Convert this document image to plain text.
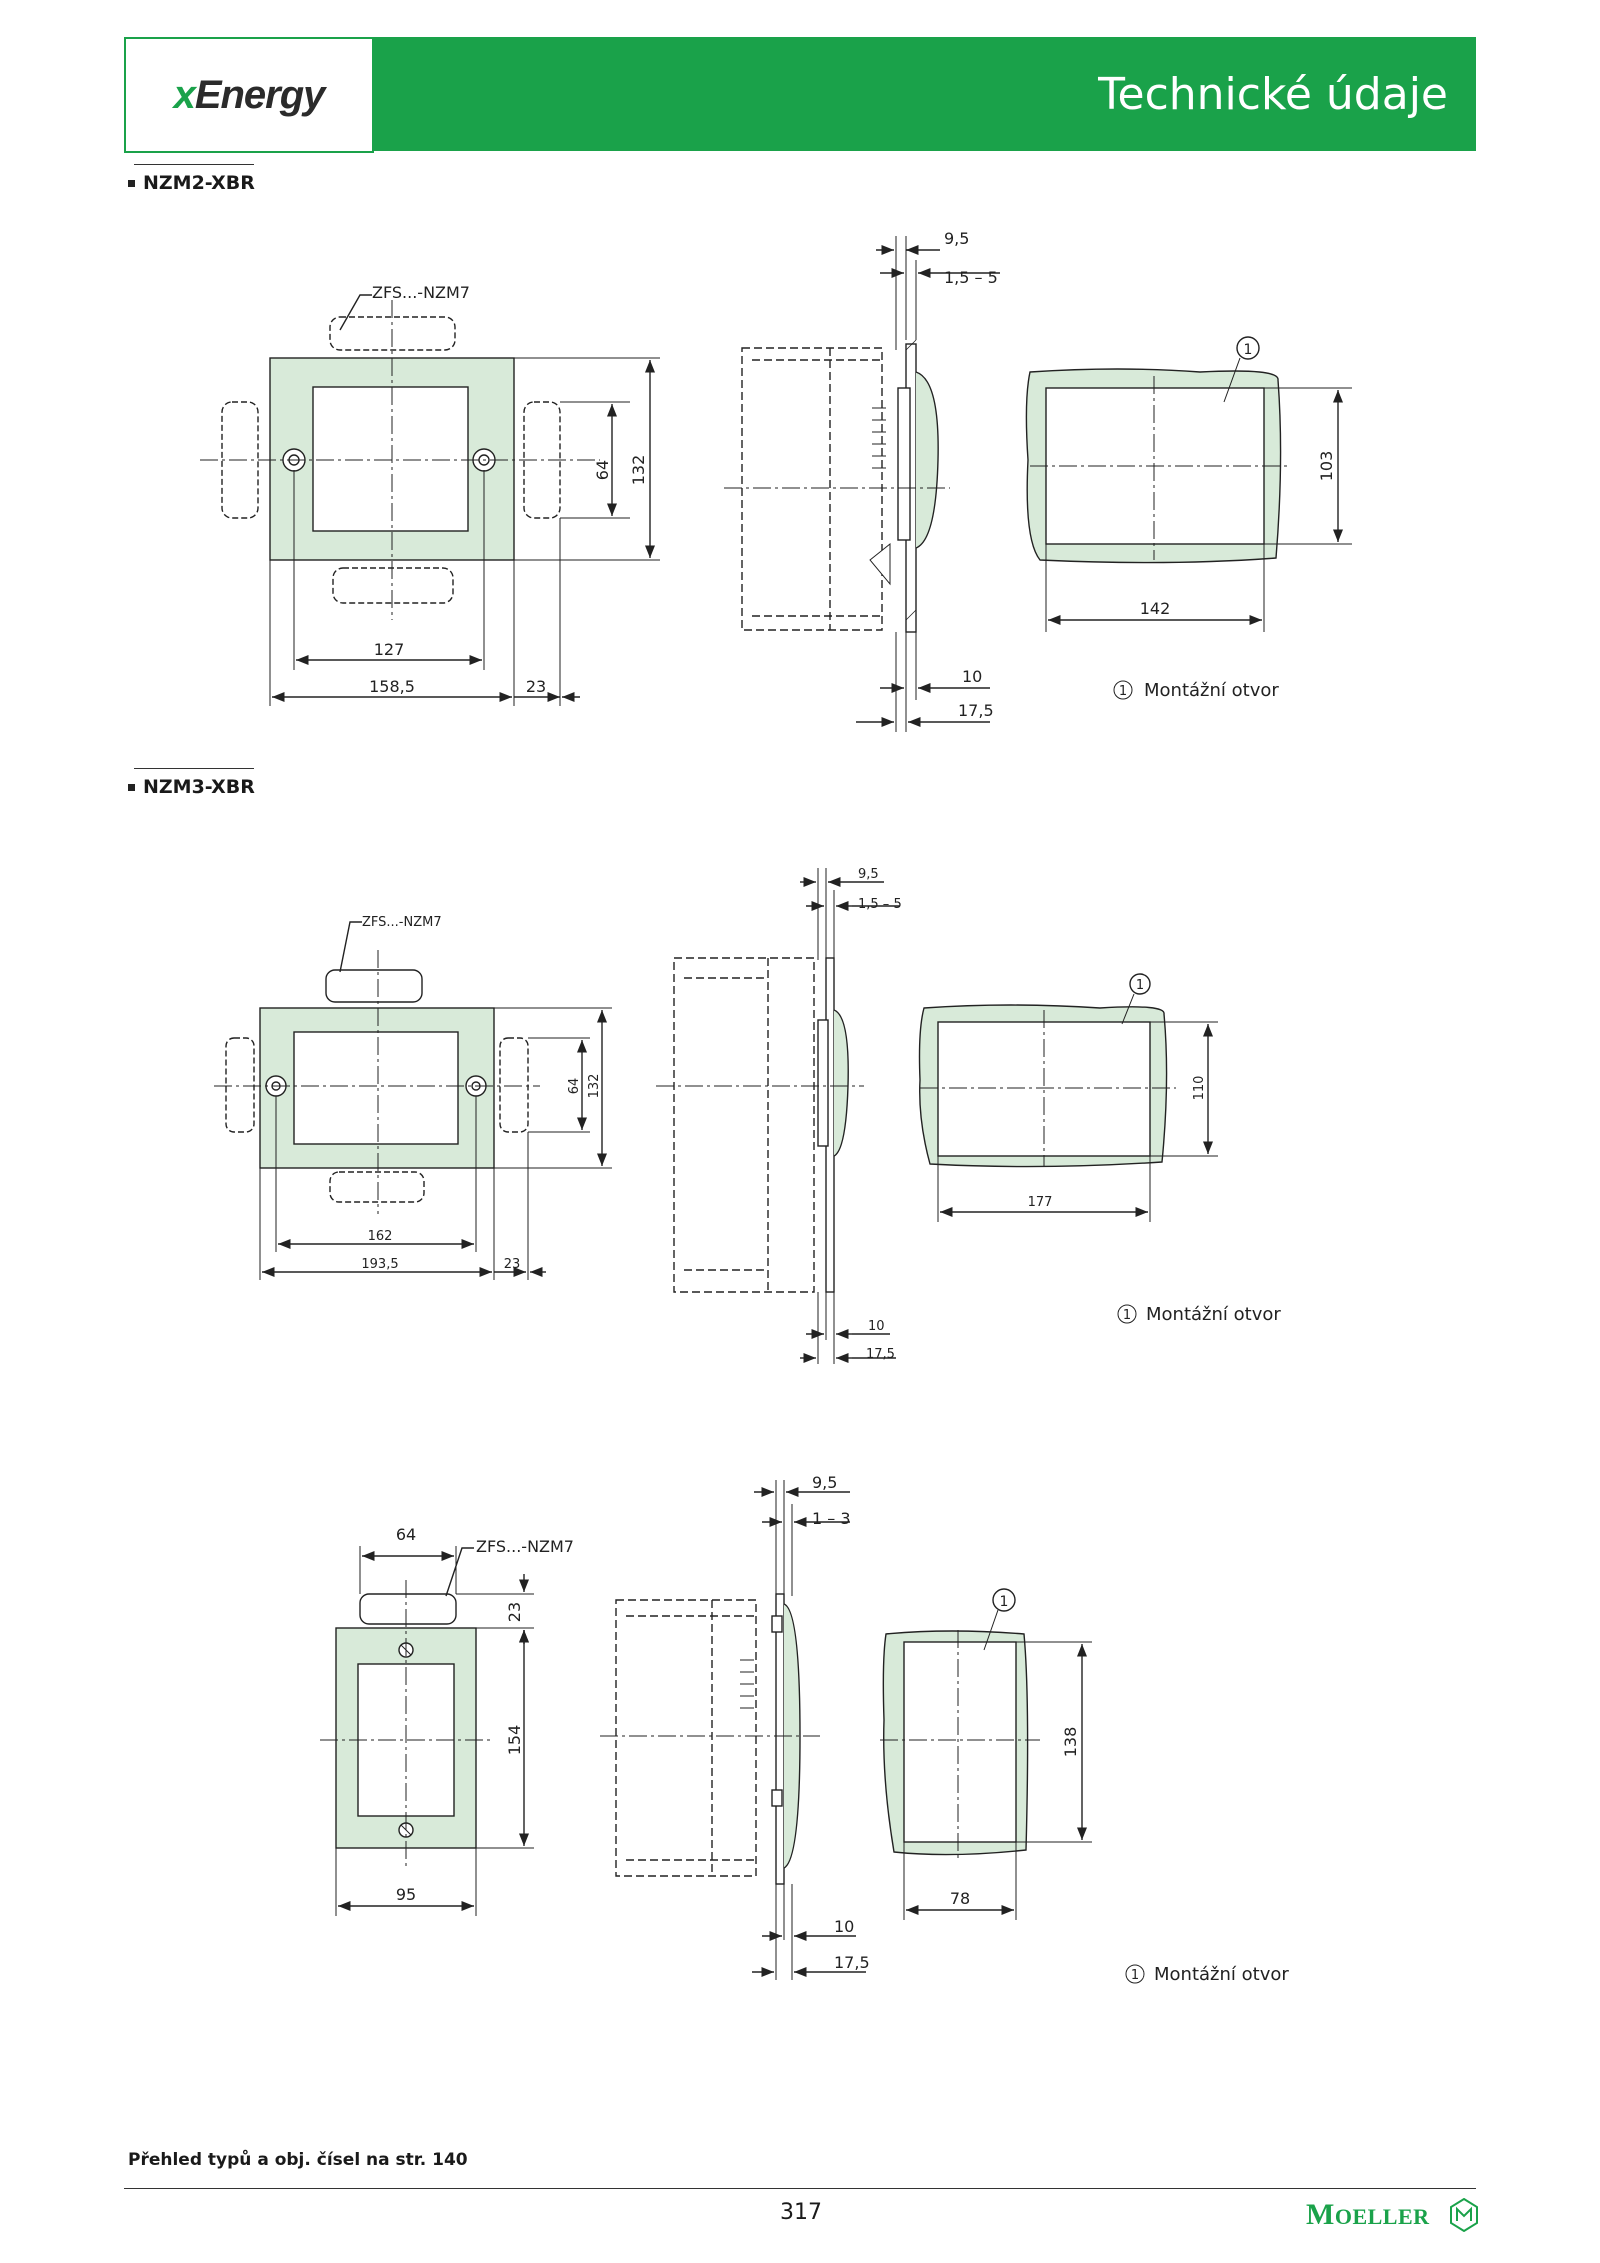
xEnergy	Technické údaje
NZM2-XBR
NZM3-XBR
ZFS...-NZM7
64 132
127
158,5	23
9,5
1,5 – 5
10
17,5
1
103
142
1 Montážní otvor
ZFS...-NZM7
64 132
162
193,5	23
9,5
1,5 – 5
10
17,5
1
110
177
1 Montážní otvor
64
ZFS...-NZM7
23
154
95
9,5
1 – 3
10
17,5
1
138
78
1 Montážní otvor
Přehled typů a obj. čísel na str. 140
317	MOELLER
